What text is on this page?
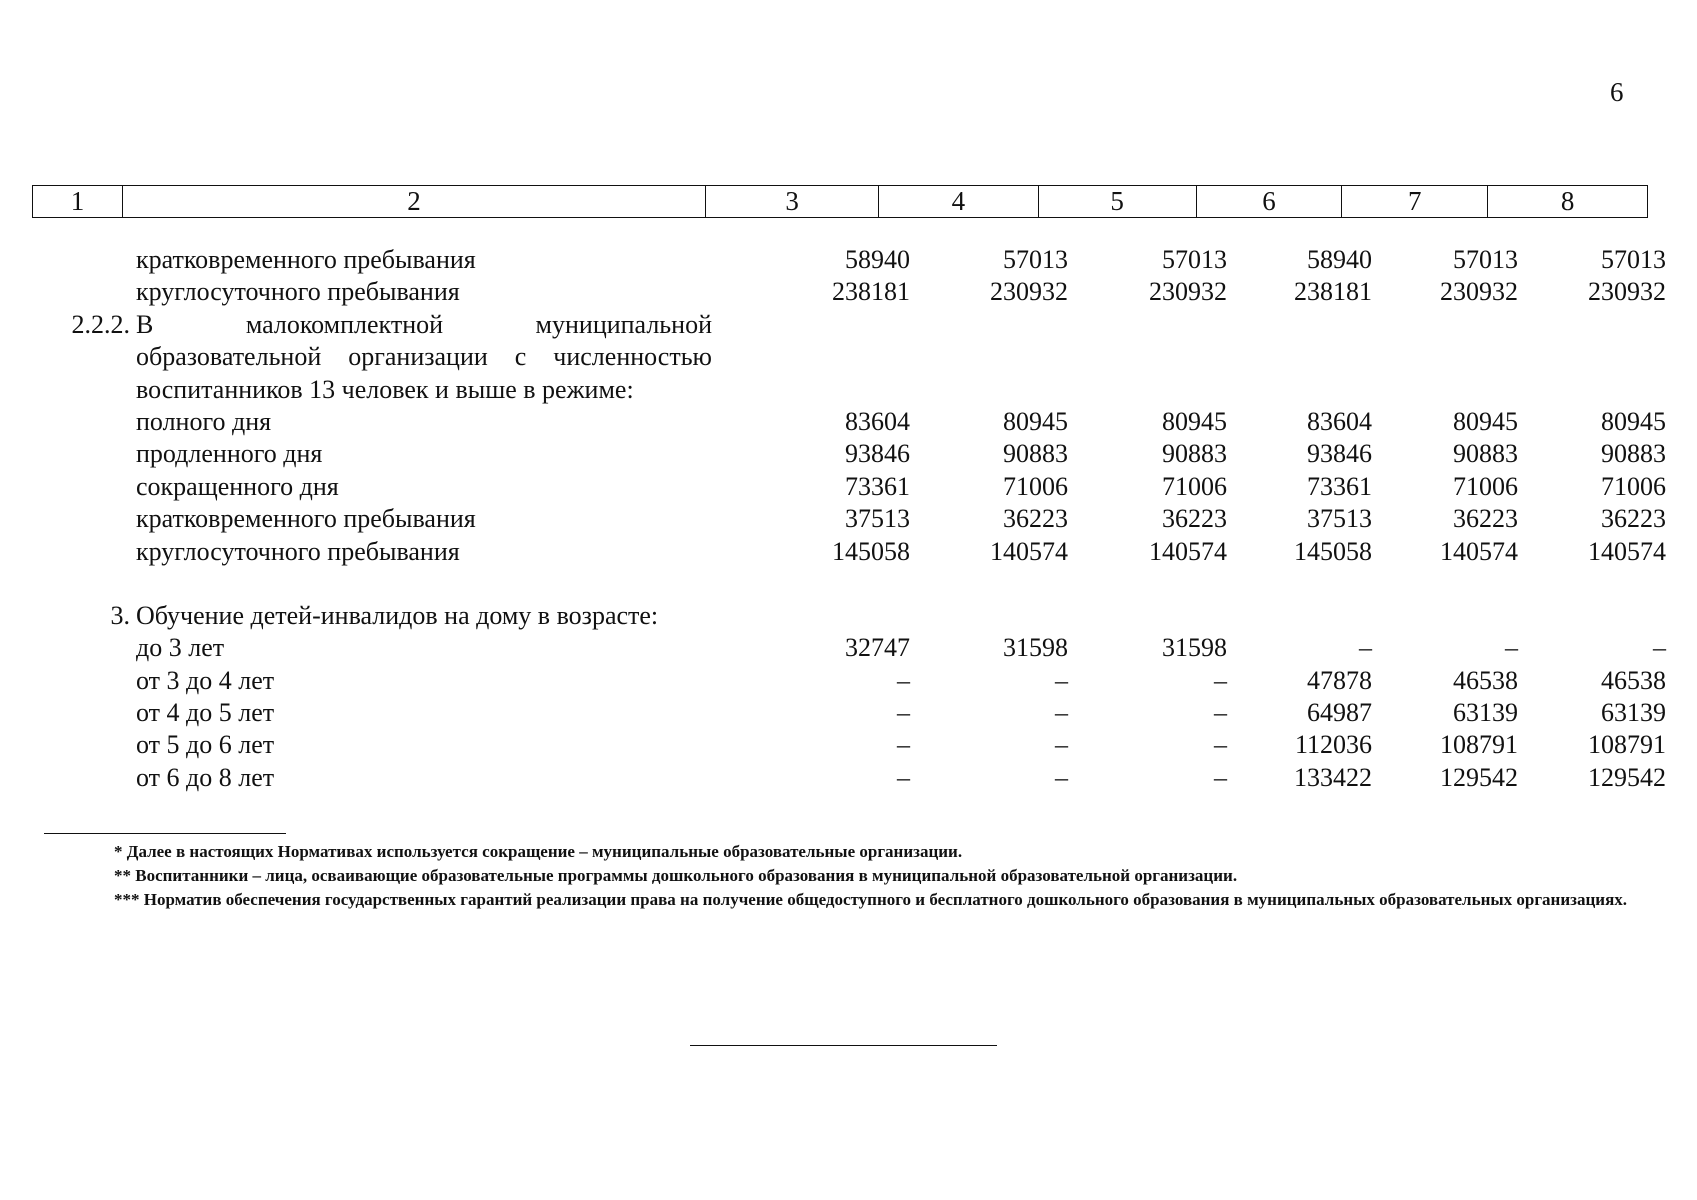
6
1	2	3	4	5	6	7	8
кратковременного пребывания	58940	57013	57013	58940	57013	57013
круглосуточного пребывания	238181	230932	230932	238181	230932	230932
2.2.2. В малокомплектной муниципальной
образовательной организации с численностью
воспитанников 13 человек и выше в режиме:
полного дня	83604	80945	80945	83604	80945	80945
продленного дня	93846	90883	90883	93846	90883	90883
сокращенного дня	73361	71006	71006	73361	71006	71006
кратковременного пребывания	37513	36223	36223	37513	36223	36223
круглосуточного пребывания	145058	140574	140574	145058	140574	140574
3. Обучение детей-инвалидов на дому в возрасте:
до 3 лет	32747	31598	31598	–	–	–
от 3 до 4 лет	–	–	–	47878	46538	46538
от 4 до 5 лет	–	–	–	64987	63139	63139
от 5 до 6 лет	–	–	–	112036	108791	108791
от 6 до 8 лет	–	–	–	133422	129542	129542
* Далее в настоящих Нормативах используется сокращение – муниципальные образовательные организации.
** Воспитанники – лица, осваивающие образовательные программы дошкольного образования в муниципальной образовательной организации.
*** Норматив обеспечения государственных гарантий реализации права на получение общедоступного и бесплатного дошкольного образования в муниципальных образовательных организациях.
